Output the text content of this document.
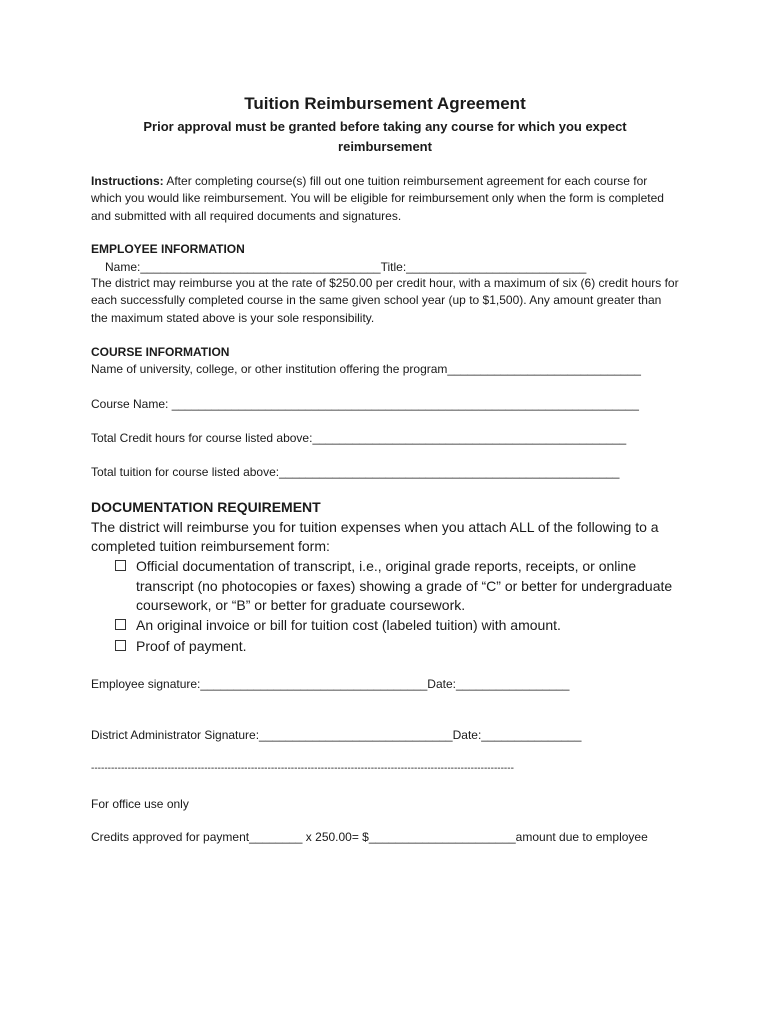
Tuition Reimbursement Agreement
Prior approval must be granted before taking any course for which you expect reimbursement
Instructions: After completing course(s) fill out one tuition reimbursement agreement for each course for which you would like reimbursement. You will be eligible for reimbursement only when the form is completed and submitted with all required documents and signatures.
EMPLOYEE INFORMATION
Name:____________________________________Title:___________________________
The district may reimburse you at the rate of $250.00 per credit hour, with a maximum of six (6) credit hours for each successfully completed course in the same given school year (up to $1,500). Any amount greater than the maximum stated above is your sole responsibility.
COURSE INFORMATION
Name of university, college, or other institution offering the program_____________________________
Course Name: ______________________________________________________________________
Total Credit hours for course listed above:_______________________________________________
Total tuition for course listed above:___________________________________________________
DOCUMENTATION REQUIREMENT
The district will reimburse you for tuition expenses when you attach ALL of the following to a completed tuition reimbursement form:
Official documentation of transcript, i.e., original grade reports, receipts, or online transcript (no photocopies or faxes) showing a grade of “C” or better for undergraduate coursework, or “B” or better for graduate coursework.
An original invoice or bill for tuition cost (labeled tuition) with amount.
Proof of payment.
Employee signature:__________________________________Date:_________________
District Administrator Signature:_____________________________Date:_______________
-------------------------------------------------------------------------------------------------------------------------------
For office use only
Credits approved for payment________ x 250.00= $______________________amount due to employee
